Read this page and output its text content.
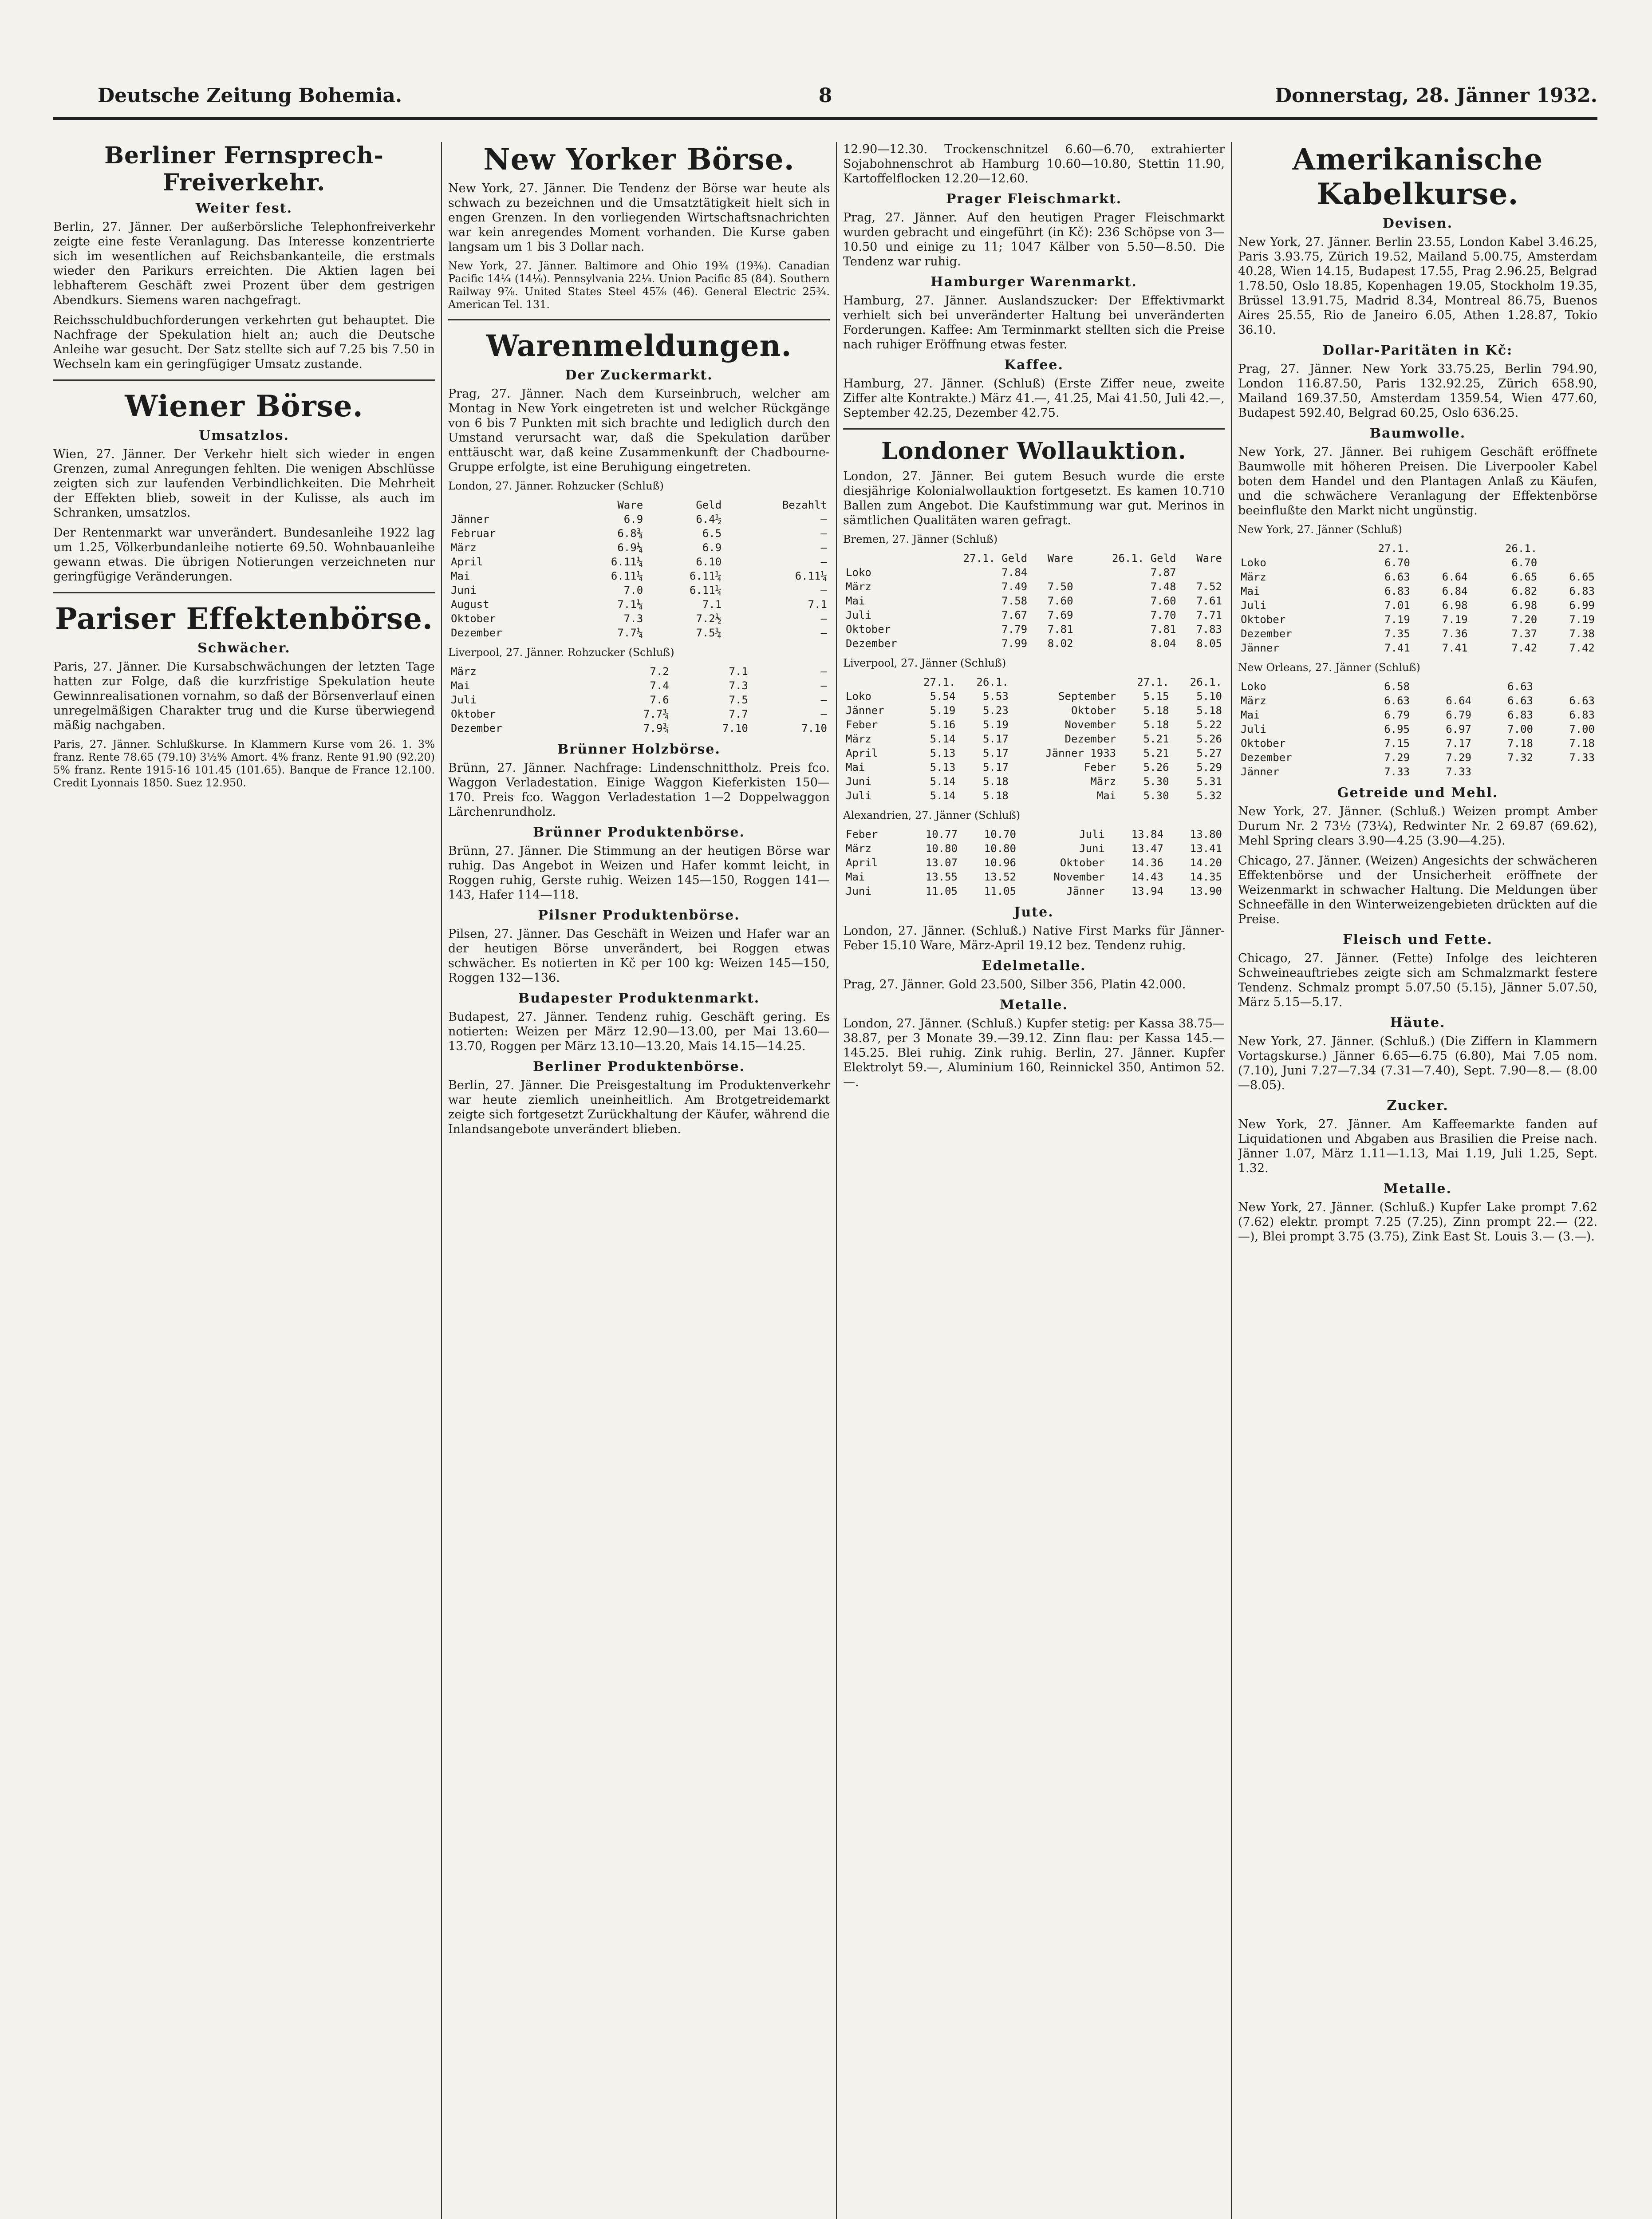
Deutsche Zeitung Bohemia.	8	Donnerstag, 28. Jänner 1932.
Berliner Fernsprech-Freiverkehr.
Weiter fest.

Berlin, 27. Jänner. Der außerbörsliche Telephonfreiverkehr zeigte eine feste Veranlagung. Das Interesse konzentrierte sich im wesentlichen auf Reichsbankanteile, die erstmals wieder den Parikurs erreichten. Die Aktien lagen bei lebhafterem Geschäft zwei Prozent über dem gestrigen Abendkurs. Siemens waren nachgefragt.

Reichsschuldbuchforderungen verkehrten gut behauptet. Die Nachfrage der Spekulation hielt an; auch die Deutsche Anleihe war gesucht. Der Satz stellte sich auf 7.25 bis 7.50 in Wechseln kam ein geringfügiger Umsatz zustande.

Wiener Börse.
Umsatzlos.

Wien, 27. Jänner. Der Verkehr hielt sich wieder in engen Grenzen, zumal Anregungen fehlten. Die wenigen Abschlüsse zeigten sich zur laufenden Verbindlichkeiten. Die Mehrheit der Effekten blieb, soweit in der Kulisse, als auch im Schranken, umsatzlos.

Der Rentenmarkt war unverändert. Bundesanleihe 1922 lag um 1.25, Völkerbundanleihe notierte 69.50. Wohnbauanleihe gewann etwas. Die übrigen Notierungen verzeichneten nur geringfügige Veränderungen.

Pariser Effektenbörse.
Schwächer.

Paris, 27. Jänner. Die Kursabschwächungen der letzten Tage hatten zur Folge, daß die kurzfristige Spekulation heute Gewinnrealisationen vornahm, so daß der Börsenverlauf einen unregelmäßigen Charakter trug und die Kurse überwiegend mäßig nachgaben.

Paris, 27. Jänner. Schlußkurse. In Klammern Kurse vom 26. 1. 3% franz. Rente 78.65 (79.10) 3½% Amort. 4% franz. Rente 91.90 (92.20) 5% franz. Rente 1915-16 101.45 (101.65). Banque de France 12.100. Credit Lyonnais 1850. Suez 12.950.

New Yorker Börse.

New York, 27. Jänner. Die Tendenz der Börse war heute als schwach zu bezeichnen und die Umsatztätigkeit hielt sich in engen Grenzen. In den vorliegenden Wirtschaftsnachrichten war kein anregendes Moment vorhanden. Die Kurse gaben langsam um 1 bis 3 Dollar nach.

New York, 27. Jänner. Baltimore and Ohio 19¾ (19⅜). Canadian Pacific 14¼ (14⅛). Pennsylvania 22¼. Union Pacific 85 (84). Southern Railway 9⅞. United States Steel 45⅞ (46). General Electric 25¾. American Tel. 131.

Warenmeldungen.
Der Zuckermarkt.

Prag, 27. Jänner. Nach dem Kurseinbruch, welcher am Montag in New York eingetreten ist und welcher Rückgänge von 6 bis 7 Punkten mit sich brachte und lediglich durch den Umstand verursacht war, daß die Spekulation darüber enttäuscht war, daß keine Zusammenkunft der Chadbourne-Gruppe erfolgte, ist eine Beruhigung eingetreten.

London, 27. Jänner. Rohzucker (Schluß)

	Ware	Geld	Bezahlt
Jänner	6.9	6.4½	—
Februar	6.8¾	6.5	—
März	6.9¼	6.9	—
April	6.11¼	6.10	—
Mai	6.11¼	6.11¼	6.11¼
Juni	7.0	6.11¼	—
August	7.1¼	7.1	7.1
Oktober	7.3	7.2½	—
Dezember	7.7¼	7.5¼	—

Liverpool, 27. Jänner. Rohzucker (Schluß)

März	7.2	7.1	—
Mai	7.4	7.3	—
Juli	7.6	7.5	—
Oktober	7.7¾	7.7	—
Dezember	7.9¾	7.10	7.10
Brünner Holzbörse.

Brünn, 27. Jänner. Nachfrage: Lindenschnittholz. Preis fco. Waggon Verladestation. Einige Waggon Kieferkisten 150—170. Preis fco. Waggon Verladestation 1—2 Doppelwaggon Lärchenrundholz.

Brünner Produktenbörse.

Brünn, 27. Jänner. Die Stimmung an der heutigen Börse war ruhig. Das Angebot in Weizen und Hafer kommt leicht, in Roggen ruhig, Gerste ruhig. Weizen 145—150, Roggen 141—143, Hafer 114—118.

Pilsner Produktenbörse.

Pilsen, 27. Jänner. Das Geschäft in Weizen und Hafer war an der heutigen Börse unverändert, bei Roggen etwas schwächer. Es notierten in Kč per 100 kg: Weizen 145—150, Roggen 132—136.

Budapester Produktenmarkt.

Budapest, 27. Jänner. Tendenz ruhig. Geschäft gering. Es notierten: Weizen per März 12.90—13.00, per Mai 13.60—13.70, Roggen per März 13.10—13.20, Mais 14.15—14.25.

Berliner Produktenbörse.

Berlin, 27. Jänner. Die Preisgestaltung im Produktenverkehr war heute ziemlich uneinheitlich. Am Brotgetreidemarkt zeigte sich fortgesetzt Zurückhaltung der Käufer, während die Inlandsangebote unverändert blieben.

12.90—12.30. Trockenschnitzel 6.60—6.70, extrahierter Sojabohnenschrot ab Hamburg 10.60—10.80, Stettin 11.90, Kartoffelflocken 12.20—12.60.

Prager Fleischmarkt.

Prag, 27. Jänner. Auf den heutigen Prager Fleischmarkt wurden gebracht und eingeführt (in Kč): 236 Schöpse von 3—10.50 und einige zu 11; 1047 Kälber von 5.50—8.50. Die Tendenz war ruhig.

Hamburger Warenmarkt.

Hamburg, 27. Jänner. Auslandszucker: Der Effektivmarkt verhielt sich bei unveränderter Haltung bei unveränderten Forderungen. Kaffee: Am Terminmarkt stellten sich die Preise nach ruhiger Eröffnung etwas fester.

Kaffee.

Hamburg, 27. Jänner. (Schluß) (Erste Ziffer neue, zweite Ziffer alte Kontrakte.) März 41.—, 41.25, Mai 41.50, Juli 42.—, September 42.25, Dezember 42.75.

Londoner Wollauktion.

London, 27. Jänner. Bei gutem Besuch wurde die erste diesjährige Kolonialwollauktion fortgesetzt. Es kamen 10.710 Ballen zum Angebot. Die Kaufstimmung war gut. Merinos in sämtlichen Qualitäten waren gefragt.

Bremen, 27. Jänner (Schluß)

	27.1. Geld	Ware	26.1. Geld	Ware
Loko	7.84		7.87	
März	7.49	7.50	7.48	7.52
Mai	7.58	7.60	7.60	7.61
Juli	7.67	7.69	7.70	7.71
Oktober	7.79	7.81	7.81	7.83
Dezember	7.99	8.02	8.04	8.05

Liverpool, 27. Jänner (Schluß)

	27.1.	26.1.		27.1.	26.1.
Loko	5.54	5.53	September	5.15	5.10
Jänner	5.19	5.23	Oktober	5.18	5.18
Feber	5.16	5.19	November	5.18	5.22
März	5.14	5.17	Dezember	5.21	5.26
April	5.13	5.17	Jänner 1933	5.21	5.27
Mai	5.13	5.17	Feber	5.26	5.29
Juni	5.14	5.18	März	5.30	5.31
Juli	5.14	5.18	Mai	5.30	5.32

Alexandrien, 27. Jänner (Schluß)

Feber	10.77	10.70	Juli	13.84	13.80
März	10.80	10.80	Juni	13.47	13.41
April	13.07	10.96	Oktober	14.36	14.20
Mai	13.55	13.52	November	14.43	14.35
Juni	11.05	11.05	Jänner	13.94	13.90
Jute.

London, 27. Jänner. (Schluß.) Native First Marks für Jänner-Feber 15.10 Ware, März-April 19.12 bez. Tendenz ruhig.

Edelmetalle.

Prag, 27. Jänner. Gold 23.500, Silber 356, Platin 42.000.

Metalle.

London, 27. Jänner. (Schluß.) Kupfer stetig: per Kassa 38.75—38.87, per 3 Monate 39.—39.12. Zinn flau: per Kassa 145.—145.25. Blei ruhig. Zink ruhig. Berlin, 27. Jänner. Kupfer Elektrolyt 59.—, Aluminium 160, Reinnickel 350, Antimon 52.—.

Amerikanische Kabelkurse.
Devisen.

New York, 27. Jänner. Berlin 23.55, London Kabel 3.46.25, Paris 3.93.75, Zürich 19.52, Mailand 5.00.75, Amsterdam 40.28, Wien 14.15, Budapest 17.55, Prag 2.96.25, Belgrad 1.78.50, Oslo 18.85, Kopenhagen 19.05, Stockholm 19.35, Brüssel 13.91.75, Madrid 8.34, Montreal 86.75, Buenos Aires 25.55, Rio de Janeiro 6.05, Athen 1.28.87, Tokio 36.10.

Dollar-Paritäten in Kč:

Prag, 27. Jänner. New York 33.75.25, Berlin 794.90, London 116.87.50, Paris 132.92.25, Zürich 658.90, Mailand 169.37.50, Amsterdam 1359.54, Wien 477.60, Budapest 592.40, Belgrad 60.25, Oslo 636.25.

Baumwolle.

New York, 27. Jänner. Bei ruhigem Geschäft eröffnete Baumwolle mit höheren Preisen. Die Liverpooler Kabel boten dem Handel und den Plantagen Anlaß zu Käufen, und die schwächere Veranlagung der Effektenbörse beeinflußte den Markt nicht ungünstig.

New York, 27. Jänner (Schluß)

	27.1.		26.1.	
Loko	6.70		6.70	
März	6.63	6.64	6.65	6.65
Mai	6.83	6.84	6.82	6.83
Juli	7.01	6.98	6.98	6.99
Oktober	7.19	7.19	7.20	7.19
Dezember	7.35	7.36	7.37	7.38
Jänner	7.41	7.41	7.42	7.42

New Orleans, 27. Jänner (Schluß)

Loko	6.58		6.63	
März	6.63	6.64	6.63	6.63
Mai	6.79	6.79	6.83	6.83
Juli	6.95	6.97	7.00	7.00
Oktober	7.15	7.17	7.18	7.18
Dezember	7.29	7.29	7.32	7.33
Jänner	7.33	7.33		
Getreide und Mehl.

New York, 27. Jänner. (Schluß.) Weizen prompt Amber Durum Nr. 2 73½ (73¼), Redwinter Nr. 2 69.87 (69.62), Mehl Spring clears 3.90—4.25 (3.90—4.25).

Chicago, 27. Jänner. (Weizen) Angesichts der schwächeren Effektenbörse und der Unsicherheit eröffnete der Weizenmarkt in schwacher Haltung. Die Meldungen über Schneefälle in den Winterweizengebieten drückten auf die Preise.

Fleisch und Fette.

Chicago, 27. Jänner. (Fette) Infolge des leichteren Schweineauftriebes zeigte sich am Schmalzmarkt festere Tendenz. Schmalz prompt 5.07.50 (5.15), Jänner 5.07.50, März 5.15—5.17.

Häute.

New York, 27. Jänner. (Schluß.) (Die Ziffern in Klammern Vortagskurse.) Jänner 6.65—6.75 (6.80), Mai 7.05 nom. (7.10), Juni 7.27—7.34 (7.31—7.40), Sept. 7.90—8.— (8.00—8.05).

Zucker.

New York, 27. Jänner. Am Kaffeemarkte fanden auf Liquidationen und Abgaben aus Brasilien die Preise nach. Jänner 1.07, März 1.11—1.13, Mai 1.19, Juli 1.25, Sept. 1.32.

Metalle.

New York, 27. Jänner. (Schluß.) Kupfer Lake prompt 7.62 (7.62) elektr. prompt 7.25 (7.25), Zinn prompt 22.— (22.—), Blei prompt 3.75 (3.75), Zink East St. Louis 3.— (3.—).
